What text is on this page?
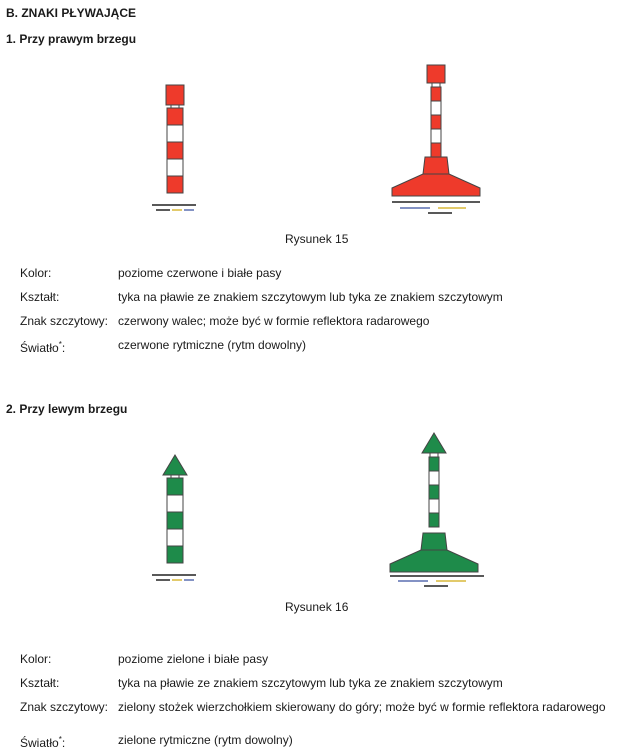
B. ZNAKI PŁYWAJĄCE
1. Przy prawym brzegu
Rysunek 15
Kolor:	poziome czerwone i białe pasy
Kształt:	tyka na pławie ze znakiem szczytowym lub tyka ze znakiem szczytowym
Znak szczytowy: czerwony walec; może być w formie reflektora radarowego
Światło*:	czerwone rytmiczne (rytm dowolny)
2. Przy lewym brzegu
Rysunek 16
Kolor:	poziome zielone i białe pasy
Kształt:	tyka na pławie ze znakiem szczytowym lub tyka ze znakiem szczytowym
Znak szczytowy: zielony stożek wierzchołkiem skierowany do góry; może być w formie reflektora radarowego
Światło*:	zielone rytmiczne (rytm dowolny)
